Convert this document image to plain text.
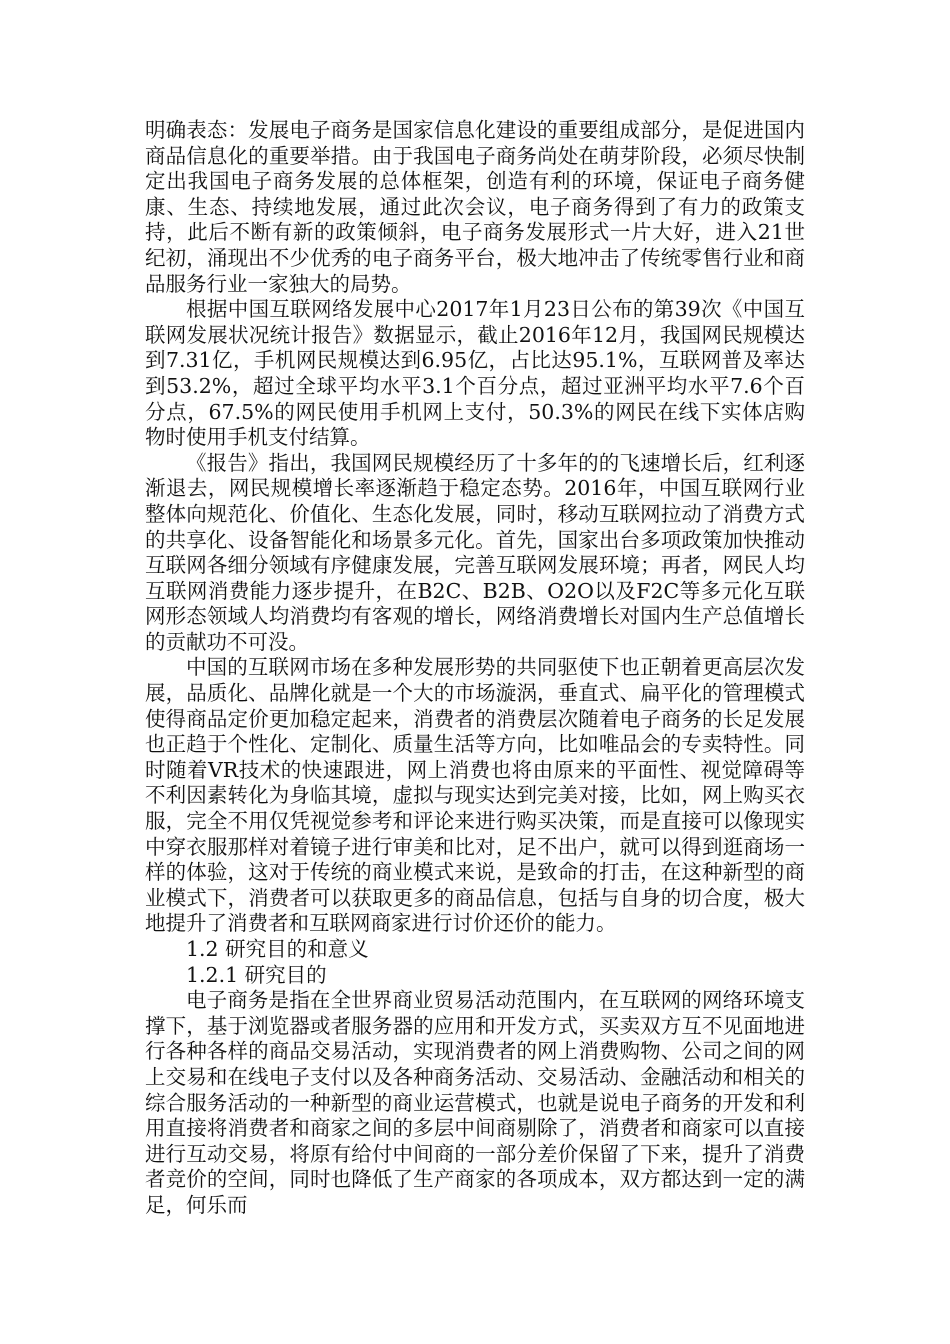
明确表态：发展电子商务是国家信息化建设的重要组成部分，是促进国内商品信息化的重要举措。由于我国电子商务尚处在萌芽阶段，必须尽快制定出我国电子商务发展的总体框架，创造有利的环境，保证电子商务健康、生态、持续地发展，通过此次会议，电子商务得到了有力的政策支持，此后不断有新的政策倾斜，电子商务发展形式一片大好，进入21世纪初，涌现出不少优秀的电子商务平台，极大地冲击了传统零售行业和商品服务行业一家独大的局势。

根据中国互联网络发展中心2017年1月23日公布的第39次《中国互联网发展状况统计报告》数据显示，截止2016年12月，我国网民规模达到7.31亿，手机网民规模达到6.95亿，占比达95.1%，互联网普及率达到53.2%，超过全球平均水平3.1个百分点，超过亚洲平均水平7.6个百分点，67.5%的网民使用手机网上支付，50.3%的网民在线下实体店购物时使用手机支付结算。

《报告》指出，我国网民规模经历了十多年的的飞速增长后，红利逐渐退去，网民规模增长率逐渐趋于稳定态势。2016年，中国互联网行业整体向规范化、价值化、生态化发展，同时，移动互联网拉动了消费方式的共享化、设备智能化和场景多元化。首先，国家出台多项政策加快推动互联网各细分领域有序健康发展，完善互联网发展环境；再者，网民人均互联网消费能力逐步提升，在B2C、B2B、O2O以及F2C等多元化互联网形态领域人均消费均有客观的增长，网络消费增长对国内生产总值增长的贡献功不可没。

中国的互联网市场在多种发展形势的共同驱使下也正朝着更高层次发展，品质化、品牌化就是一个大的市场漩涡，垂直式、扁平化的管理模式使得商品定价更加稳定起来，消费者的消费层次随着电子商务的长足发展也正趋于个性化、定制化、质量生活等方向，比如唯品会的专卖特性。同时随着VR技术的快速跟进，网上消费也将由原来的平面性、视觉障碍等不利因素转化为身临其境，虚拟与现实达到完美对接，比如，网上购买衣服，完全不用仅凭视觉参考和评论来进行购买决策，而是直接可以像现实中穿衣服那样对着镜子进行审美和比对，足不出户，就可以得到逛商场一样的体验，这对于传统的商业模式来说，是致命的打击，在这种新型的商业模式下，消费者可以获取更多的商品信息，包括与自身的切合度，极大地提升了消费者和互联网商家进行讨价还价的能力。

1.2 研究目的和意义
1.2.1 研究目的

电子商务是指在全世界商业贸易活动范围内，在互联网的网络环境支撑下，基于浏览器或者服务器的应用和开发方式，买卖双方互不见面地进行各种各样的商品交易活动，实现消费者的网上消费购物、公司之间的网上交易和在线电子支付以及各种商务活动、交易活动、金融活动和相关的综合服务活动的一种新型的商业运营模式，也就是说电子商务的开发和利用直接将消费者和商家之间的多层中间商剔除了，消费者和商家可以直接进行互动交易，将原有给付中间商的一部分差价保留了下来，提升了消费者竞价的空间，同时也降低了生产商家的各项成本，双方都达到一定的满足，何乐而
